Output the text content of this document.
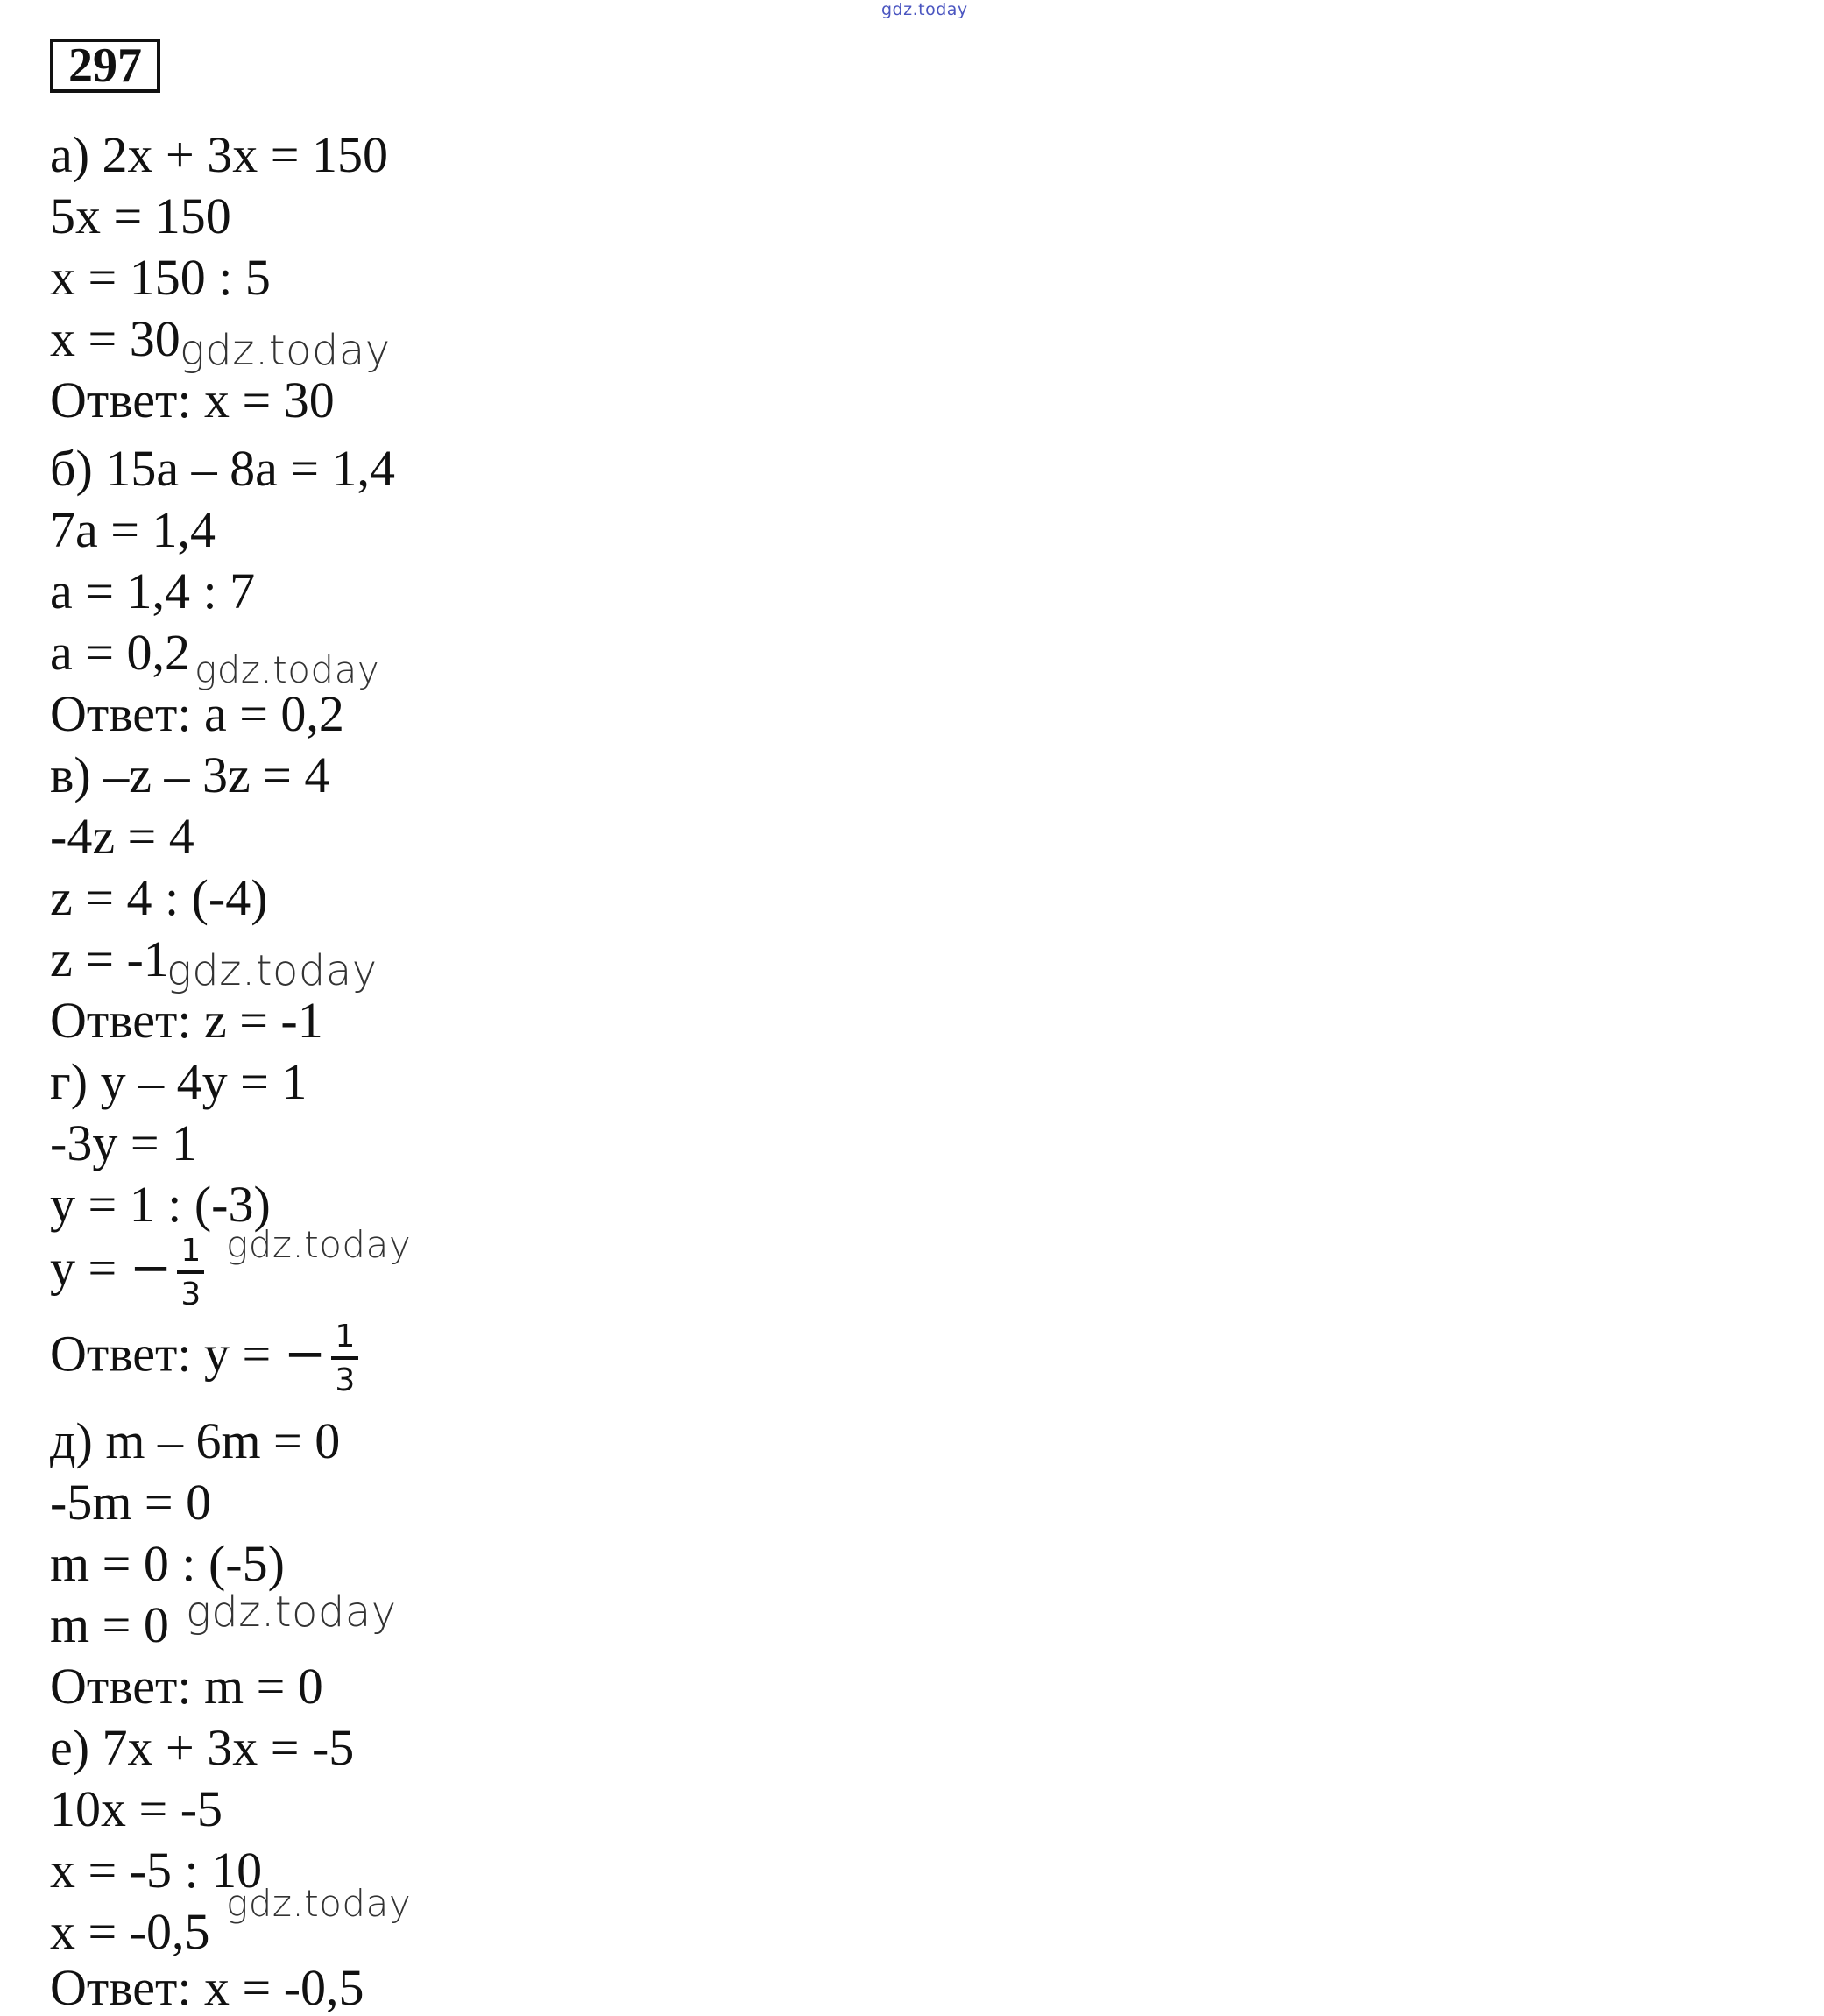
gdz.today
297
а) 2x + 3x = 150
5x = 150
x = 150 : 5
x = 30 gdz.today
Ответ: x = 30
б) 15a – 8a = 1,4
7a = 1,4
a = 1,4 : 7
a = 0,2 gdz.today
Ответ: a = 0,2
в) –z – 3z = 4
-4z = 4
z = 4 : (-4)
z = -1
gdz.today
Ответ: z = -1
г) y – 4y = 1
-3y = 1
y = 1 : (-3)
y = − $\frac{1}{3}$ gdz.today
Ответ: y = − $\frac{1}{3}$
д) m – 6m = 0
-5m = 0
m = 0 : (-5)
m = 0 gdz.today
Ответ: m = 0
е) 7x + 3x = -5
10x = -5
x = -5 : 10
x = -0,5 gdz.today
Ответ: x = -0,5
